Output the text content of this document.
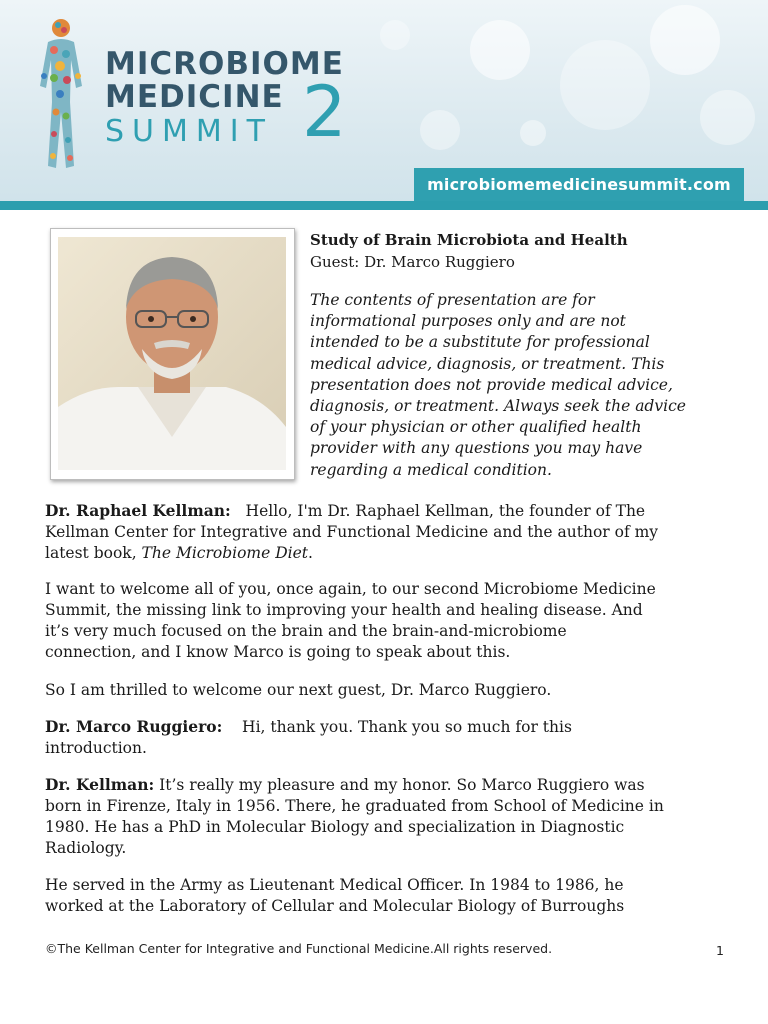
MICROBIOME
MEDICINE
SUMMIT 2
microbiomemedicinesummit.com
Study of Brain Microbiota and Health
Guest: Dr. Marco Ruggiero
The contents of presentation are for
informational purposes only and are not
intended to be a substitute for professional
medical advice, diagnosis, or treatment. This
presentation does not provide medical advice,
diagnosis, or treatment. Always seek the advice
of your physician or other qualified health
provider with any questions you may have
regarding a medical condition.
Dr. Raphael Kellman: Hello, I'm Dr. Raphael Kellman, the founder of The
Kellman Center for Integrative and Functional Medicine and the author of my
latest book, The Microbiome Diet.
I want to welcome all of you, once again, to our second Microbiome Medicine
Summit, the missing link to improving your health and healing disease. And
it’s very much focused on the brain and the brain-and-microbiome
connection, and I know Marco is going to speak about this.
So I am thrilled to welcome our next guest, Dr. Marco Ruggiero.
Dr. Marco Ruggiero: Hi, thank you. Thank you so much for this
introduction.
Dr. Kellman: It’s really my pleasure and my honor. So Marco Ruggiero was
born in Firenze, Italy in 1956. There, he graduated from School of Medicine in
1980. He has a PhD in Molecular Biology and specialization in Diagnostic
Radiology.
He served in the Army as Lieutenant Medical Officer. In 1984 to 1986, he
worked at the Laboratory of Cellular and Molecular Biology of Burroughs
©The Kellman Center for Integrative and Functional Medicine.All rights reserved.	1
